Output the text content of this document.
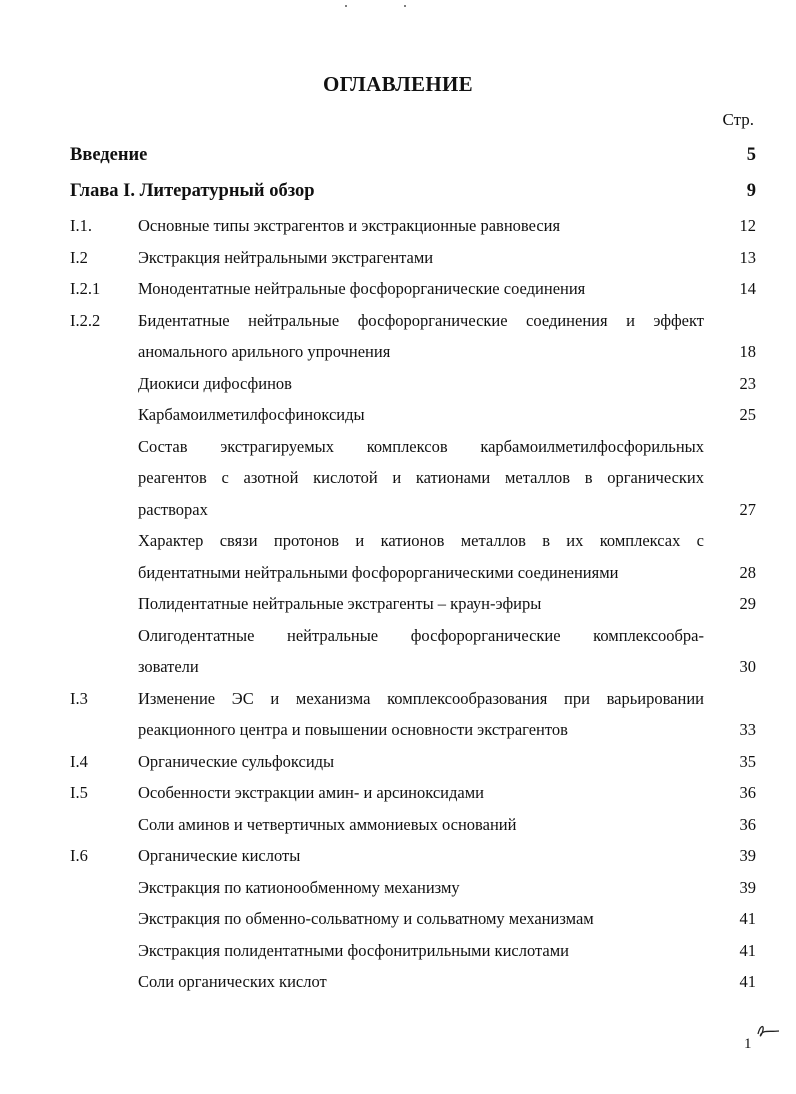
ОГЛАВЛЕНИЕ
Стр.
Введение	5
Глава I. Литературный обзор	9
I.1.	Основные типы экстрагентов и экстракционные равновесия	12
I.2	Экстракция нейтральными экстрагентами	13
I.2.1 Монодентатные нейтральные фосфорорганические соединения	14
I.2.2 Бидентатные нейтральные фосфорорганические соединения и эффект
аномального арильного упрочнения	18
Диокиси дифосфинов	23
Карбамоилметилфосфиноксиды	25
Состав экстрагируемых комплексов карбамоилметилфосфорильных
реагентов с азотной кислотой и катионами металлов в органических
растворах	27
Характер связи протонов и катионов металлов в их комплексах с
бидентатными нейтральными фосфорорганическими соединениями	28
Полидентатные нейтральные экстрагенты – краун-эфиры	29
Олигодентатные нейтральные фосфорорганические комплексообра-
зователи	30
I.3	Изменение ЭС и механизма комплексообразования при варьировании
реакционного центра и повышении основности экстрагентов	33
I.4	Органические сульфоксиды	35
I.5	Особенности экстракции амин- и арсиноксидами	36
Соли аминов и четвертичных аммониевых оснований	36
I.6	Органические кислоты	39
Экстракция по катионообменному механизму	39
Экстракция по обменно-сольватному и сольватному механизмам	41
Экстракция полидентатными фосфонитрильными кислотами	41
Соли органических кислот	41
1
